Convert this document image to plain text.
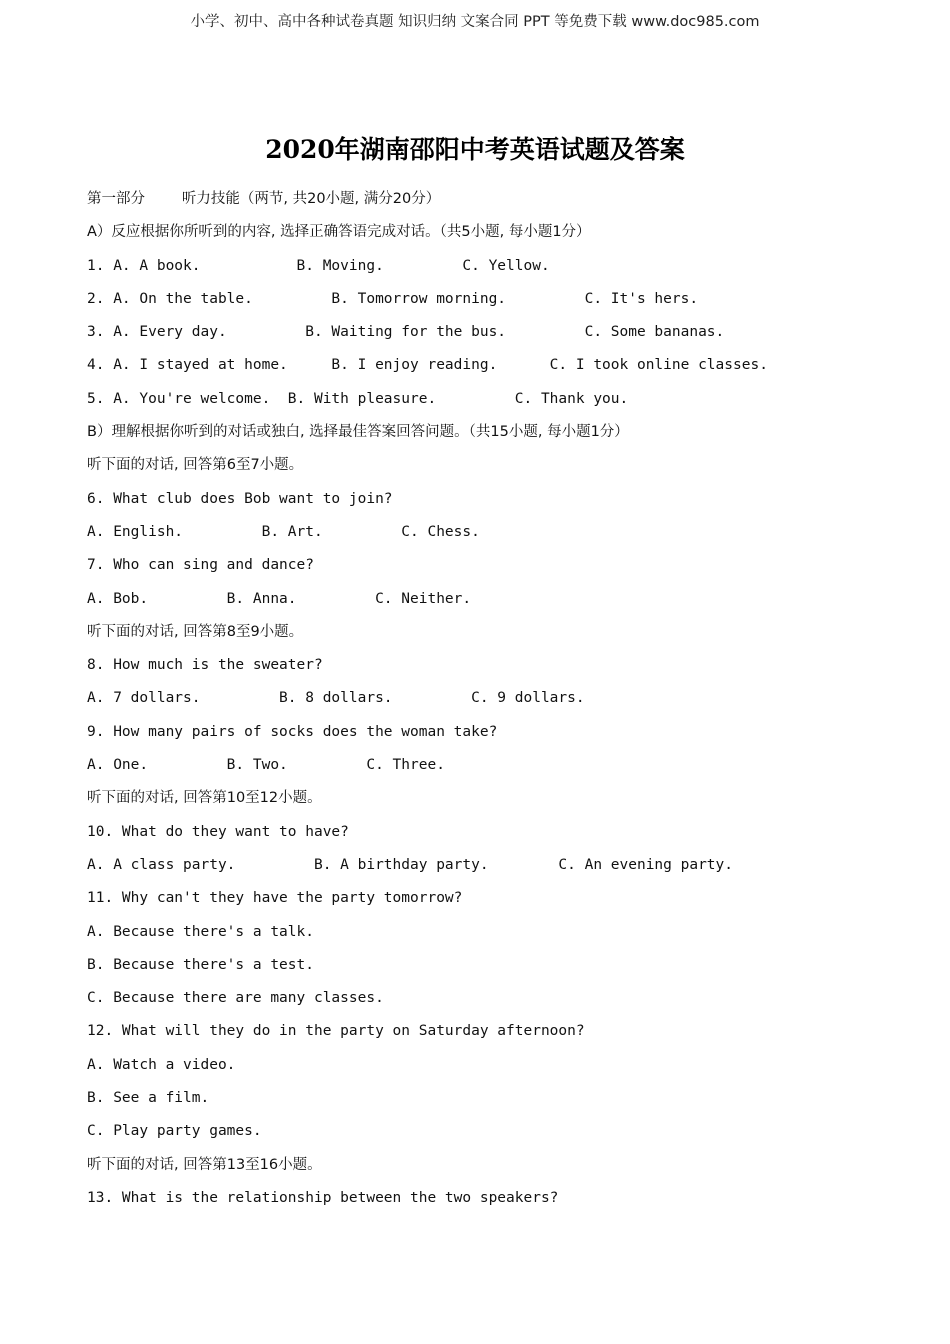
小学、初中、高中各种试卷真题 知识归纳 文案合同 PPT 等免费下载 www.doc985.com
2020年湖南邵阳中考英语试题及答案
第一部分        听力技能（两节, 共20小题, 满分20分）
A）反应根据你所听到的内容, 选择正确答语完成对话。（共5小题, 每小题1分）
1. A. A book.           B. Moving.         C. Yellow.
2. A. On the table.         B. Tomorrow morning.         C. It's hers.
3. A. Every day.         B. Waiting for the bus.         C. Some bananas.
4. A. I stayed at home.     B. I enjoy reading.      C. I took online classes.
5. A. You're welcome.  B. With pleasure.         C. Thank you.
B）理解根据你听到的对话或独白, 选择最佳答案回答问题。（共15小题, 每小题1分）
听下面的对话, 回答第6至7小题。
6. What club does Bob want to join?
A. English.         B. Art.         C. Chess.
7. Who can sing and dance?
A. Bob.         B. Anna.         C. Neither.
听下面的对话, 回答第8至9小题。
8. How much is the sweater?
A. 7 dollars.         B. 8 dollars.         C. 9 dollars.
9. How many pairs of socks does the woman take?
A. One.         B. Two.         C. Three.
听下面的对话, 回答第10至12小题。
10. What do they want to have?
A. A class party.         B. A birthday party.        C. An evening party.
11. Why can't they have the party tomorrow?
A. Because there's a talk.
B. Because there's a test.
C. Because there are many classes.
12. What will they do in the party on Saturday afternoon?
A. Watch a video.
B. See a film.
C. Play party games.
听下面的对话, 回答第13至16小题。
13. What is the relationship between the two speakers?
